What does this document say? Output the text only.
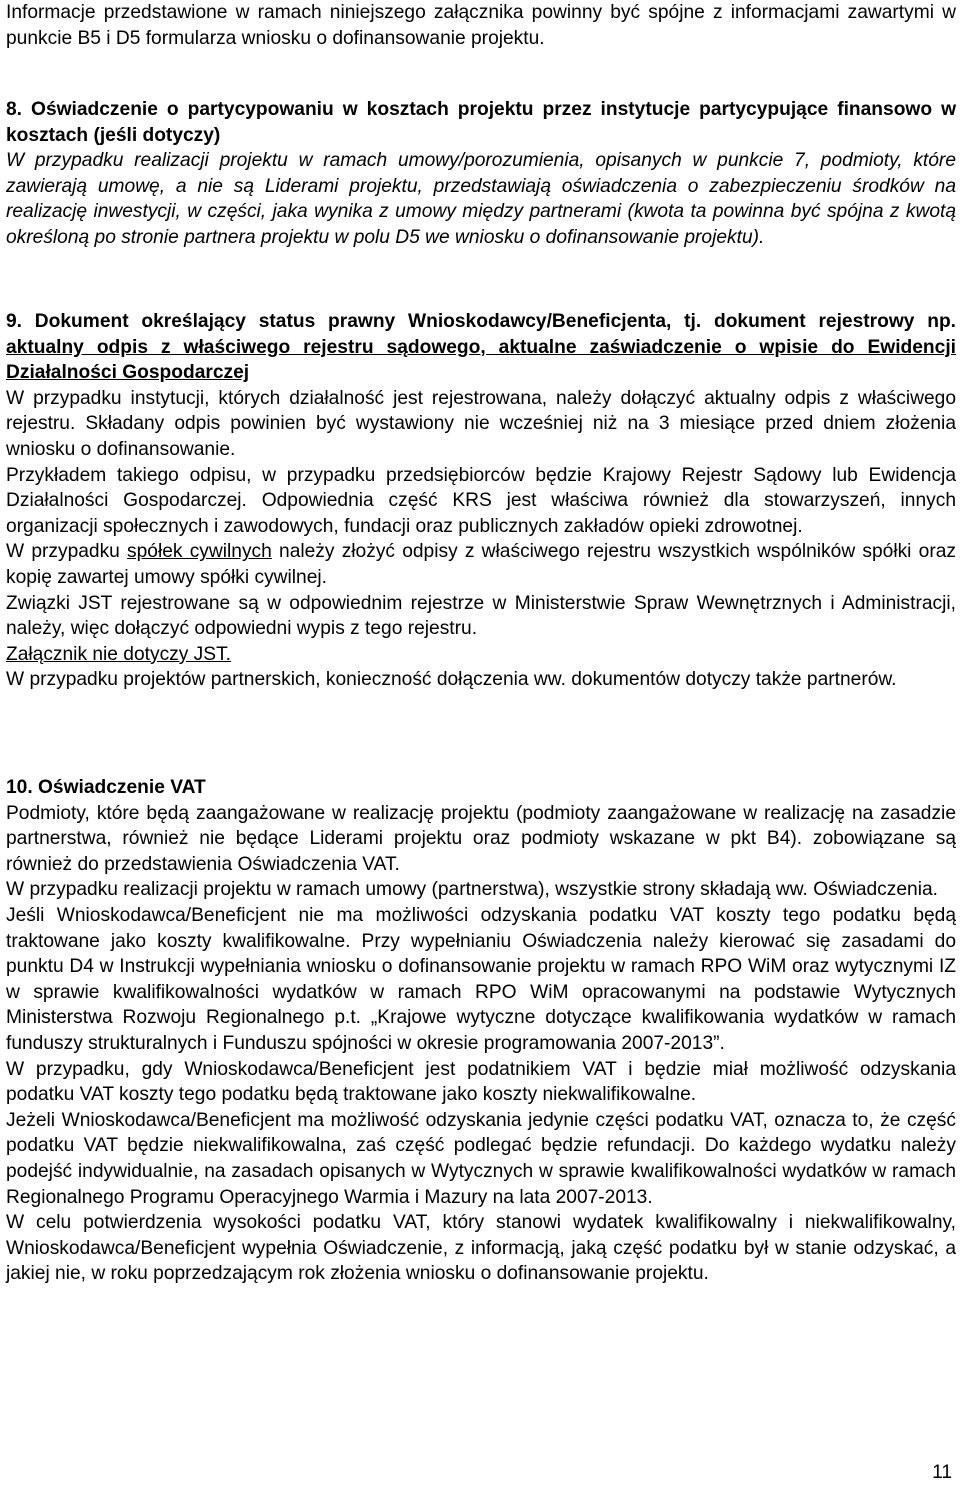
Informacje przedstawione w ramach niniejszego załącznika powinny być spójne z informacjami zawartymi w punkcie B5 i D5 formularza wniosku o dofinansowanie projektu.

8. Oświadczenie o partycypowaniu w kosztach projektu przez instytucje partycypujące finansowo w kosztach (jeśli dotyczy)

W przypadku realizacji projektu w ramach umowy/porozumienia, opisanych w punkcie 7, podmioty, które zawierają umowę, a nie są Liderami projektu, przedstawiają oświadczenia o zabezpieczeniu środków na realizację inwestycji, w części, jaka wynika z umowy między partnerami (kwota ta powinna być spójna z kwotą określoną po stronie partnera projektu w polu D5 we wniosku o dofinansowanie projektu).

9. Dokument określający status prawny Wnioskodawcy/Beneficjenta, tj. dokument rejestrowy np. aktualny odpis z właściwego rejestru sądowego, aktualne zaświadczenie o wpisie do Ewidencji Działalności Gospodarczej

W przypadku instytucji, których działalność jest rejestrowana, należy dołączyć aktualny odpis z właściwego rejestru. Składany odpis powinien być wystawiony nie wcześniej niż na 3 miesiące przed dniem złożenia wniosku o dofinansowanie.

Przykładem takiego odpisu, w przypadku przedsiębiorców będzie Krajowy Rejestr Sądowy lub Ewidencja Działalności Gospodarczej. Odpowiednia część KRS jest właściwa również dla stowarzyszeń, innych organizacji społecznych i zawodowych, fundacji oraz publicznych zakładów opieki zdrowotnej.

W przypadku spółek cywilnych należy złożyć odpisy z właściwego rejestru wszystkich wspólników spółki oraz kopię zawartej umowy spółki cywilnej.

Związki JST rejestrowane są w odpowiednim rejestrze w Ministerstwie Spraw Wewnętrznych i Administracji, należy, więc dołączyć odpowiedni wypis z tego rejestru.

Załącznik nie dotyczy JST.

W przypadku projektów partnerskich, konieczność dołączenia ww. dokumentów dotyczy także partnerów.

10. Oświadczenie VAT

Podmioty, które będą zaangażowane w realizację projektu (podmioty zaangażowane w realizację na zasadzie partnerstwa, również nie będące Liderami projektu oraz podmioty wskazane w pkt B4). zobowiązane są również do przedstawienia Oświadczenia VAT.

W przypadku realizacji projektu w ramach umowy (partnerstwa), wszystkie strony składają ww. Oświadczenia.

Jeśli Wnioskodawca/Beneficjent nie ma możliwości odzyskania podatku VAT koszty tego podatku będą traktowane jako koszty kwalifikowalne. Przy wypełnianiu Oświadczenia należy kierować się zasadami do punktu D4 w Instrukcji wypełniania wniosku o dofinansowanie projektu w ramach RPO WiM oraz wytycznymi IZ w sprawie kwalifikowalności wydatków w ramach RPO WiM opracowanymi na podstawie Wytycznych Ministerstwa Rozwoju Regionalnego p.t. „Krajowe wytyczne dotyczące kwalifikowania wydatków w ramach funduszy strukturalnych i Funduszu spójności w okresie programowania 2007-2013”.

W przypadku, gdy Wnioskodawca/Beneficjent jest podatnikiem VAT i będzie miał możliwość odzyskania podatku VAT koszty tego podatku będą traktowane jako koszty niekwalifikowalne.

Jeżeli Wnioskodawca/Beneficjent ma możliwość odzyskania jedynie części podatku VAT, oznacza to, że część podatku VAT będzie niekwalifikowalna, zaś część podlegać będzie refundacji. Do każdego wydatku należy podejść indywidualnie, na zasadach opisanych w Wytycznych w sprawie kwalifikowalności wydatków w ramach Regionalnego Programu Operacyjnego Warmia i Mazury na lata 2007-2013.

W celu potwierdzenia wysokości podatku VAT, który stanowi wydatek kwalifikowalny i niekwalifikowalny, Wnioskodawca/Beneficjent wypełnia Oświadczenie, z informacją, jaką część podatku był w stanie odzyskać, a jakiej nie, w roku poprzedzającym rok złożenia wniosku o dofinansowanie projektu.

11
